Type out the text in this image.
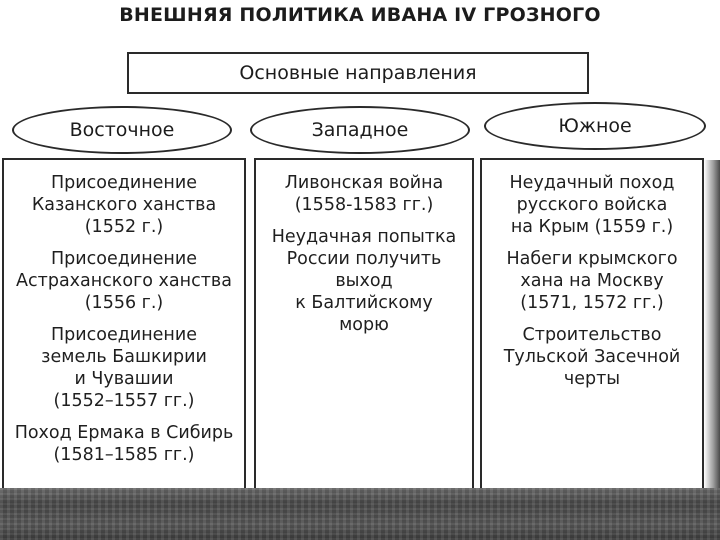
ВНЕШНЯЯ ПОЛИТИКА ИВАНА IV ГРОЗНОГО
Основные направления
Восточное	Западное	Южное
Присоединение
Казанского ханства
(1552 г.)
Присоединение
Астраханского ханства
(1556 г.)
Присоединение
земель Башкирии
и Чувашии
(1552–1557 гг.)
Поход Ермака в Сибирь
(1581–1585 гг.)
Ливонская война
(1558-1583 гг.)
Неудачная попытка
России получить
выход
к Балтийскому
морю
Неудачный поход
русского войска
на Крым (1559 г.)
Набеги крымского
хана на Москву
(1571, 1572 гг.)
Строительство
Тульской Засечной
черты
